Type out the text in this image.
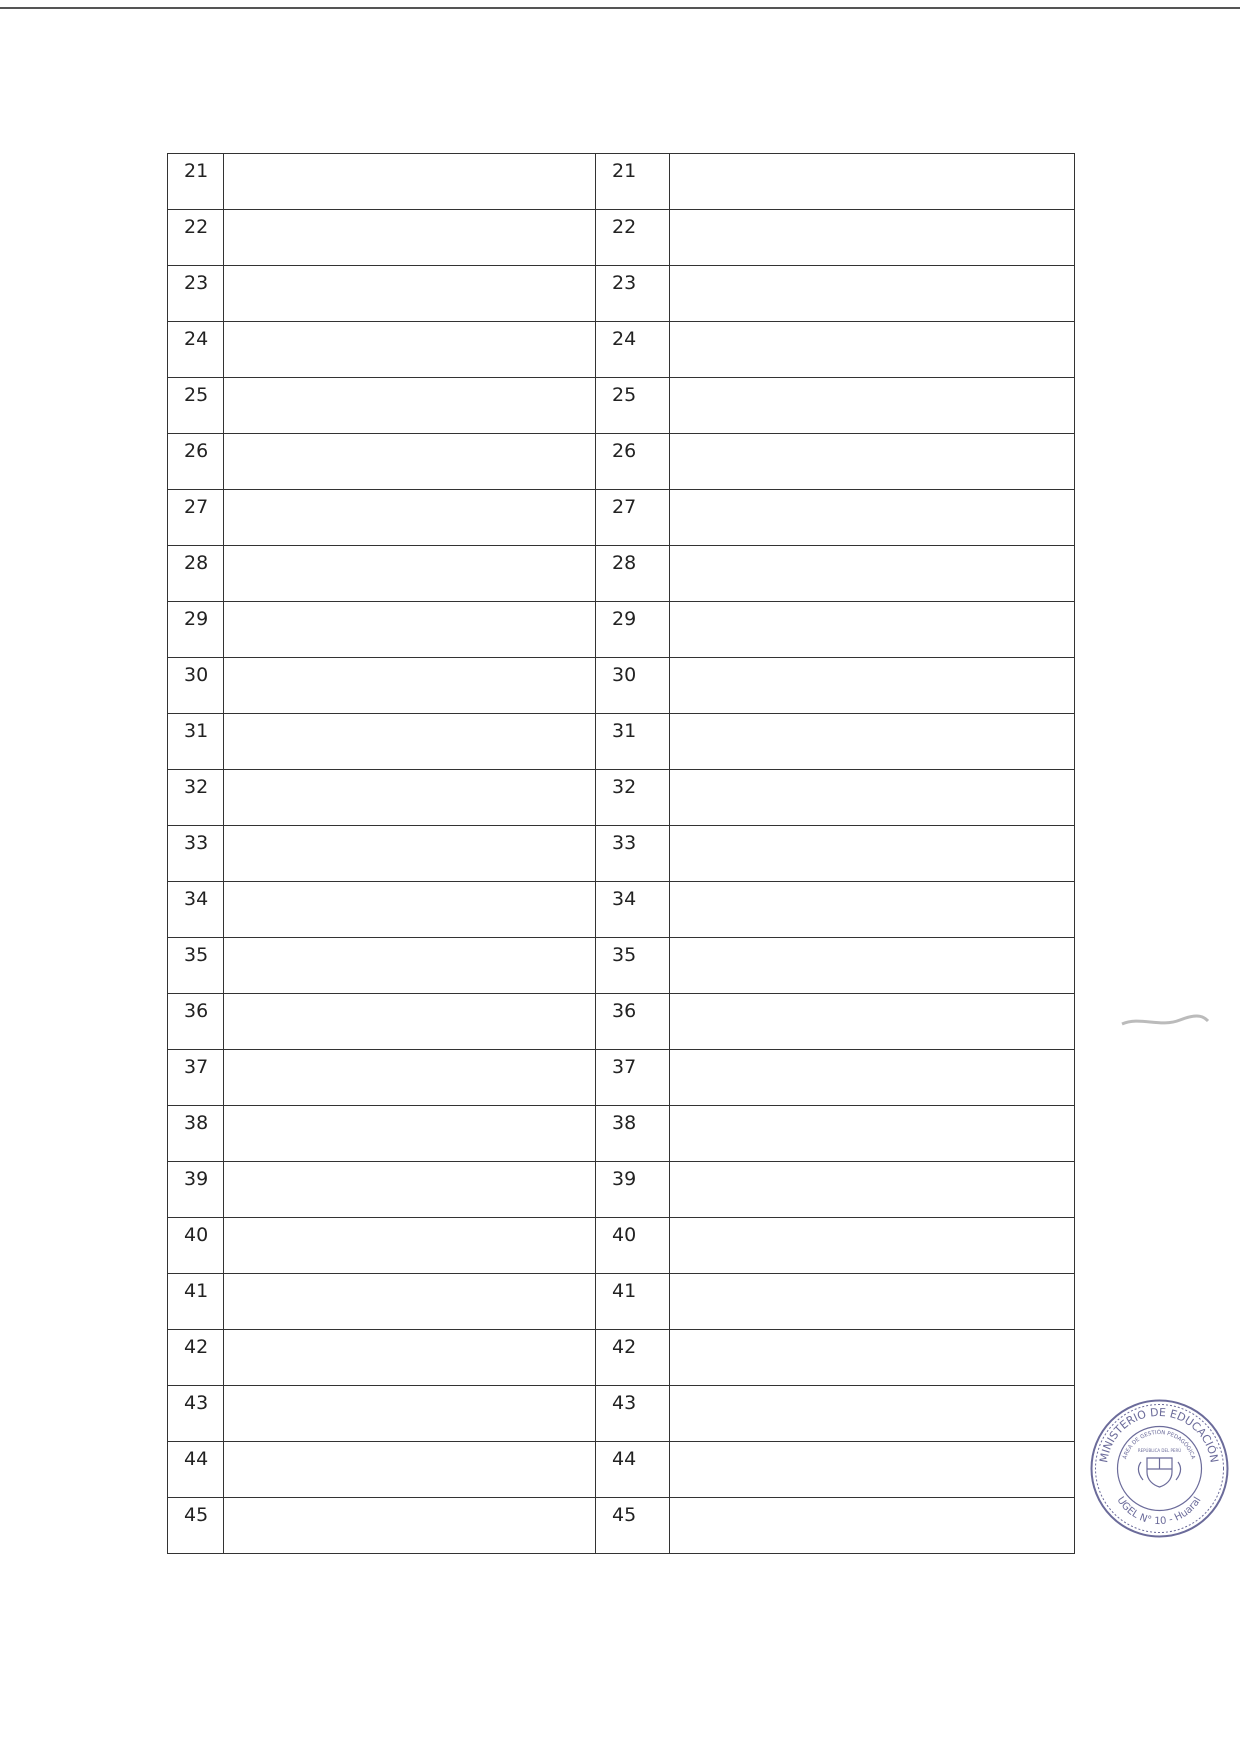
21		21	
22		22	
23		23	
24		24	
25		25	
26		26	
27		27	
28		28	
29		29	
30		30	
31		31	
32		32	
33		33	
34		34	
35		35	
36		36	
37		37	
38		38	
39		39	
40		40	
41		41	
42		42	
43		43	
44		44	
45		45	
MINISTERIO DE EDUCACIÓN
UGEL N° 10 - Huaral
ÁREA DE GESTIÓN PEDAGÓGICA
REPÚBLICA DEL PERÚ
